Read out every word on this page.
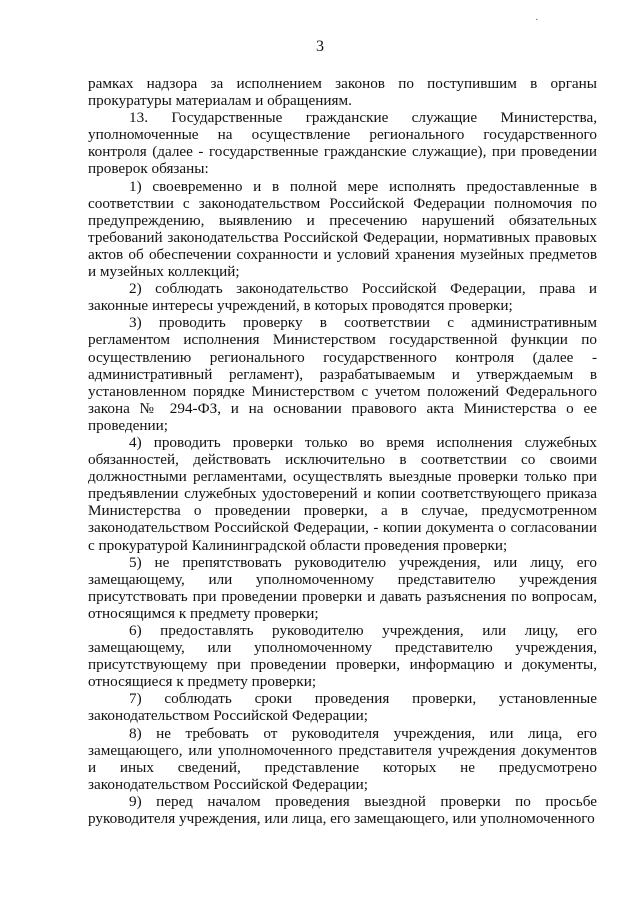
·
3

рамках надзора за исполнением законов по поступившим в органы прокуратуры материалам и обращениям.

13. Государственные гражданские служащие Министерства, уполномоченные на осуществление регионального государственного контроля (далее - государственные гражданские служащие), при проведении проверок обязаны:

1) своевременно и в полной мере исполнять предоставленные в соответствии с законодательством Российской Федерации полномочия по предупреждению, выявлению и пресечению нарушений обязательных требований законодательства Российской Федерации, нормативных правовых актов об обеспечении сохранности и условий хранения музейных предметов и музейных коллекций;

2) соблюдать законодательство Российской Федерации, права и законные интересы учреждений, в которых проводятся проверки;

3) проводить проверку в соответствии с административным регламентом исполнения Министерством государственной функции по осуществлению регионального государственного контроля (далее - административный регламент), разрабатываемым и утверждаемым в установленном порядке Министерством с учетом положений Федерального закона № 294-ФЗ, и на основании правового акта Министерства о ее проведении;

4) проводить проверки только во время исполнения служебных обязанностей, действовать исключительно в соответствии со своими должностными регламентами, осуществлять выездные проверки только при предъявлении служебных удостоверений и копии соответствующего приказа Министерства о проведении проверки, а в случае, предусмотренном законодательством Российской Федерации, - копии документа о согласовании с прокуратурой Калининградской области проведения проверки;

5) не препятствовать руководителю учреждения, или лицу, его замещающему, или уполномоченному представителю учреждения присутствовать при проведении проверки и давать разъяснения по вопросам, относящимся к предмету проверки;

6) предоставлять руководителю учреждения, или лицу, его замещающему, или уполномоченному представителю учреждения, присутствующему при проведении проверки, информацию и документы, относящиеся к предмету проверки;

7) соблюдать сроки проведения проверки, установленные законодательством Российской Федерации;

8) не требовать от руководителя учреждения, или лица, его замещающего, или уполномоченного представителя учреждения документов и иных сведений, представление которых не предусмотрено законодательством Российской Федерации;

9) перед началом проведения выездной проверки по просьбе руководителя учреждения, или лица, его замещающего, или уполномоченного
